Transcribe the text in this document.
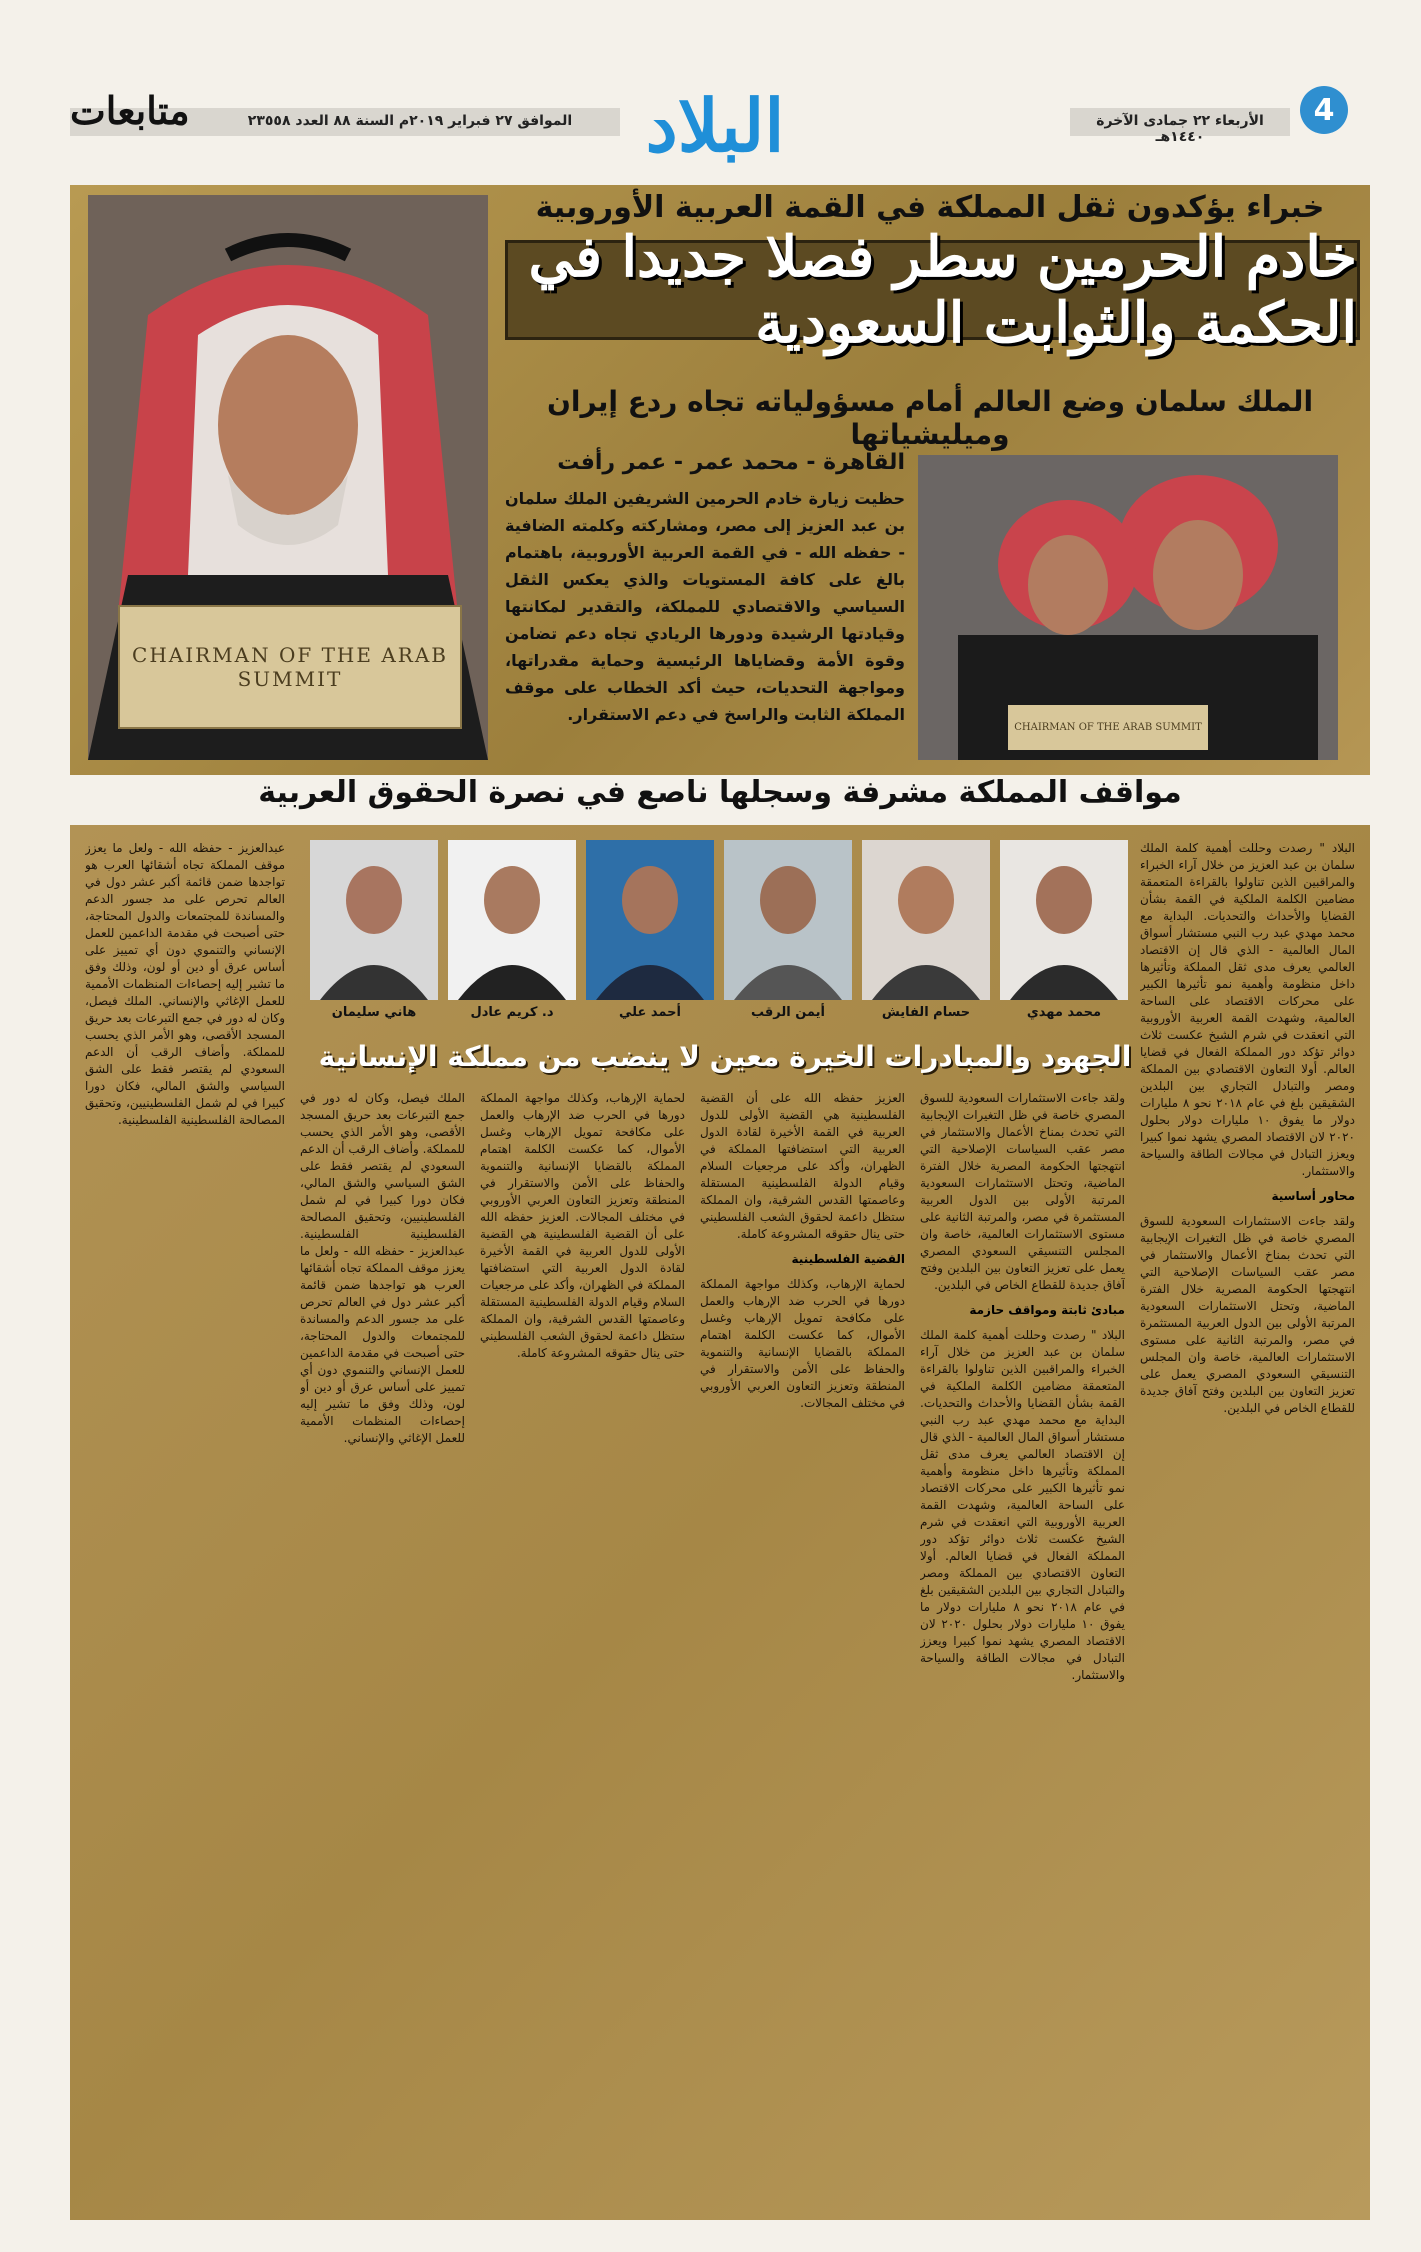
4
الأربعاء ٢٢ جمادى الآخرة ١٤٤٠هـ
البلاد
الموافق ٢٧ فبراير ٢٠١٩م السنة ٨٨ العدد ٢٣٥٥٨
متابعات
خبراء يؤكدون ثقل المملكة في القمة العربية الأوروبية
خادم الحرمين سطر فصلا جديدا في الحكمة والثوابت السعودية
الملك سلمان وضع العالم أمام مسؤولياته تجاه ردع إيران وميليشياتها
CHAIRMAN OF THE ARAB SUMMIT
القاهرة - محمد عمر - عمر رأفت
حظيت زيارة خادم الحرمين الشريفين الملك سلمان بن عبد العزيز إلى مصر، ومشاركته وكلمته الضافية - حفظه الله - في القمة العربية الأوروبية، باهتمام بالغ على كافة المستويات والذي يعكس الثقل السياسي والاقتصادي للمملكة، والتقدير لمكانتها وقيادتها الرشيدة ودورها الريادي تجاه دعم تضامن وقوة الأمة وقضاياها الرئيسية وحماية مقدراتها، ومواجهة التحديات، حيث أكد الخطاب على موقف المملكة الثابت والراسخ في دعم الاستقرار.
CHAIRMAN OF THE ARAB SUMMIT
مواقف المملكة مشرفة وسجلها ناصع في نصرة الحقوق العربية
البلاد " رصدت وحللت أهمية كلمة الملك سلمان بن عبد العزيز من خلال آراء الخبراء والمراقبين الذين تناولوا بالقراءة المتعمقة مضامين الكلمة الملكية في القمة بشأن القضايا والأحداث والتحديات. البداية مع محمد مهدي عبد رب النبي مستشار أسواق المال العالمية - الذي قال إن الاقتصاد العالمي يعرف مدى ثقل المملكة وتأثيرها داخل منظومة وأهمية نمو تأثيرها الكبير على محركات الاقتصاد على الساحة العالمية، وشهدت القمة العربية الأوروبية التي انعقدت في شرم الشيخ عكست ثلاث دوائر تؤكد دور المملكة الفعال في قضايا العالم. أولا التعاون الاقتصادي بين المملكة ومصر والتبادل التجاري بين البلدين الشقيقين بلغ في عام ٢٠١٨ نحو ٨ مليارات دولار ما يفوق ١٠ مليارات دولار بحلول ٢٠٢٠ لان الاقتصاد المصري يشهد نموا كبيرا ويعزز التبادل في مجالات الطاقة والسياحة والاستثمار.
محاور أساسية
ولقد جاءت الاستثمارات السعودية للسوق المصري خاصة في ظل التغيرات الإيجابية التي تحدث بمناخ الأعمال والاستثمار في مصر عقب السياسات الإصلاحية التي انتهجتها الحكومة المصرية خلال الفترة الماضية، وتحتل الاستثمارات السعودية المرتبة الأولى بين الدول العربية المستثمرة في مصر، والمرتبة الثانية على مستوى الاستثمارات العالمية، خاصة وان المجلس التنسيقي السعودي المصري يعمل على تعزيز التعاون بين البلدين وفتح آفاق جديدة للقطاع الخاص في البلدين.
محمد مهدي
حسام الفايش
أيمن الرقب
أحمد علي
د. كريم عادل
هاني سليمان
الجهود والمبادرات الخيرة معين لا ينضب من مملكة الإنسانية
ولقد جاءت الاستثمارات السعودية للسوق المصري خاصة في ظل التغيرات الإيجابية التي تحدث بمناخ الأعمال والاستثمار في مصر عقب السياسات الإصلاحية التي انتهجتها الحكومة المصرية خلال الفترة الماضية، وتحتل الاستثمارات السعودية المرتبة الأولى بين الدول العربية المستثمرة في مصر، والمرتبة الثانية على مستوى الاستثمارات العالمية، خاصة وان المجلس التنسيقي السعودي المصري يعمل على تعزيز التعاون بين البلدين وفتح آفاق جديدة للقطاع الخاص في البلدين.
مبادئ ثابتة ومواقف حازمة
البلاد " رصدت وحللت أهمية كلمة الملك سلمان بن عبد العزيز من خلال آراء الخبراء والمراقبين الذين تناولوا بالقراءة المتعمقة مضامين الكلمة الملكية في القمة بشأن القضايا والأحداث والتحديات. البداية مع محمد مهدي عبد رب النبي مستشار أسواق المال العالمية - الذي قال إن الاقتصاد العالمي يعرف مدى ثقل المملكة وتأثيرها داخل منظومة وأهمية نمو تأثيرها الكبير على محركات الاقتصاد على الساحة العالمية، وشهدت القمة العربية الأوروبية التي انعقدت في شرم الشيخ عكست ثلاث دوائر تؤكد دور المملكة الفعال في قضايا العالم. أولا التعاون الاقتصادي بين المملكة ومصر والتبادل التجاري بين البلدين الشقيقين بلغ في عام ٢٠١٨ نحو ٨ مليارات دولار ما يفوق ١٠ مليارات دولار بحلول ٢٠٢٠ لان الاقتصاد المصري يشهد نموا كبيرا ويعزز التبادل في مجالات الطاقة والسياحة والاستثمار.
العزيز حفظه الله على أن القضية الفلسطينية هي القضية الأولى للدول العربية في القمة الأخيرة لقادة الدول العربية التي استضافتها المملكة في الظهران، وأكد على مرجعيات السلام وقيام الدولة الفلسطينية المستقلة وعاصمتها القدس الشرقية، وان المملكة ستظل داعمة لحقوق الشعب الفلسطيني حتى ينال حقوقه المشروعة كاملة.
القضية الفلسطينية
لحماية الإرهاب، وكذلك مواجهة المملكة دورها في الحرب ضد الإرهاب والعمل على مكافحة تمويل الإرهاب وغسل الأموال، كما عكست الكلمة اهتمام المملكة بالقضايا الإنسانية والتنموية والحفاظ على الأمن والاستقرار في المنطقة وتعزيز التعاون العربي الأوروبي في مختلف المجالات.
لحماية الإرهاب، وكذلك مواجهة المملكة دورها في الحرب ضد الإرهاب والعمل على مكافحة تمويل الإرهاب وغسل الأموال، كما عكست الكلمة اهتمام المملكة بالقضايا الإنسانية والتنموية والحفاظ على الأمن والاستقرار في المنطقة وتعزيز التعاون العربي الأوروبي في مختلف المجالات. العزيز حفظه الله على أن القضية الفلسطينية هي القضية الأولى للدول العربية في القمة الأخيرة لقادة الدول العربية التي استضافتها المملكة في الظهران، وأكد على مرجعيات السلام وقيام الدولة الفلسطينية المستقلة وعاصمتها القدس الشرقية، وان المملكة ستظل داعمة لحقوق الشعب الفلسطيني حتى ينال حقوقه المشروعة كاملة.
الملك فيصل، وكان له دور في جمع التبرعات بعد حريق المسجد الأقصى، وهو الأمر الذي يحسب للمملكة. وأضاف الرقب أن الدعم السعودي لم يقتصر فقط على الشق السياسي والشق المالي، فكان دورا كبيرا في لم شمل الفلسطينيين، وتحقيق المصالحة الفلسطينية الفلسطينية. عبدالعزيز - حفظه الله - ولعل ما يعزز موقف المملكة تجاه أشقائها العرب هو تواجدها ضمن قائمة أكبر عشر دول في العالم تحرص على مد جسور الدعم والمساندة للمجتمعات والدول المحتاجة، حتى أصبحت في مقدمة الداعمين للعمل الإنساني والتنموي دون أي تمييز على أساس عرق أو دين أو لون، وذلك وفق ما تشير إليه إحصاءات المنظمات الأممية للعمل الإغاثي والإنساني.
عبدالعزيز - حفظه الله - ولعل ما يعزز موقف المملكة تجاه أشقائها العرب هو تواجدها ضمن قائمة أكبر عشر دول في العالم تحرص على مد جسور الدعم والمساندة للمجتمعات والدول المحتاجة، حتى أصبحت في مقدمة الداعمين للعمل الإنساني والتنموي دون أي تمييز على أساس عرق أو دين أو لون، وذلك وفق ما تشير إليه إحصاءات المنظمات الأممية للعمل الإغاثي والإنساني. الملك فيصل، وكان له دور في جمع التبرعات بعد حريق المسجد الأقصى، وهو الأمر الذي يحسب للمملكة. وأضاف الرقب أن الدعم السعودي لم يقتصر فقط على الشق السياسي والشق المالي، فكان دورا كبيرا في لم شمل الفلسطينيين، وتحقيق المصالحة الفلسطينية الفلسطينية.
